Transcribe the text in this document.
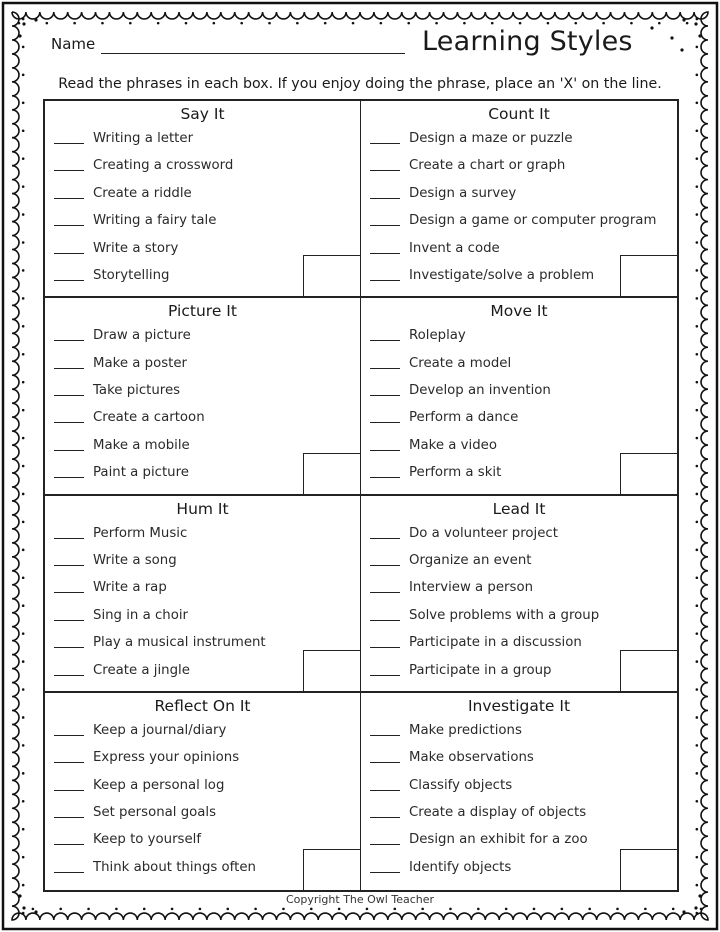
Name	Learning Styles
Read the phrases in each box. If you enjoy doing the phrase, place an 'X' on the line.
Say It
Writing a letter
Creating a crossword
Create a riddle
Writing a fairy tale
Write a story
Storytelling
Count It
Design a maze or puzzle
Create a chart or graph
Design a survey
Design a game or computer program
Invent a code
Investigate/solve a problem
Picture It
Draw a picture
Make a poster
Take pictures
Create a cartoon
Make a mobile
Paint a picture
Move It
Roleplay
Create a model
Develop an invention
Perform a dance
Make a video
Perform a skit
Hum It
Perform Music
Write a song
Write a rap
Sing in a choir
Play a musical instrument
Create a jingle
Lead It
Do a volunteer project
Organize an event
Interview a person
Solve problems with a group
Participate in a discussion
Participate in a group
Reflect On It
Keep a journal/diary
Express your opinions
Keep a personal log
Set personal goals
Keep to yourself
Think about things often
Investigate It
Make predictions
Make observations
Classify objects
Create a display of objects
Design an exhibit for a zoo
Identify objects
Copyright The Owl Teacher
